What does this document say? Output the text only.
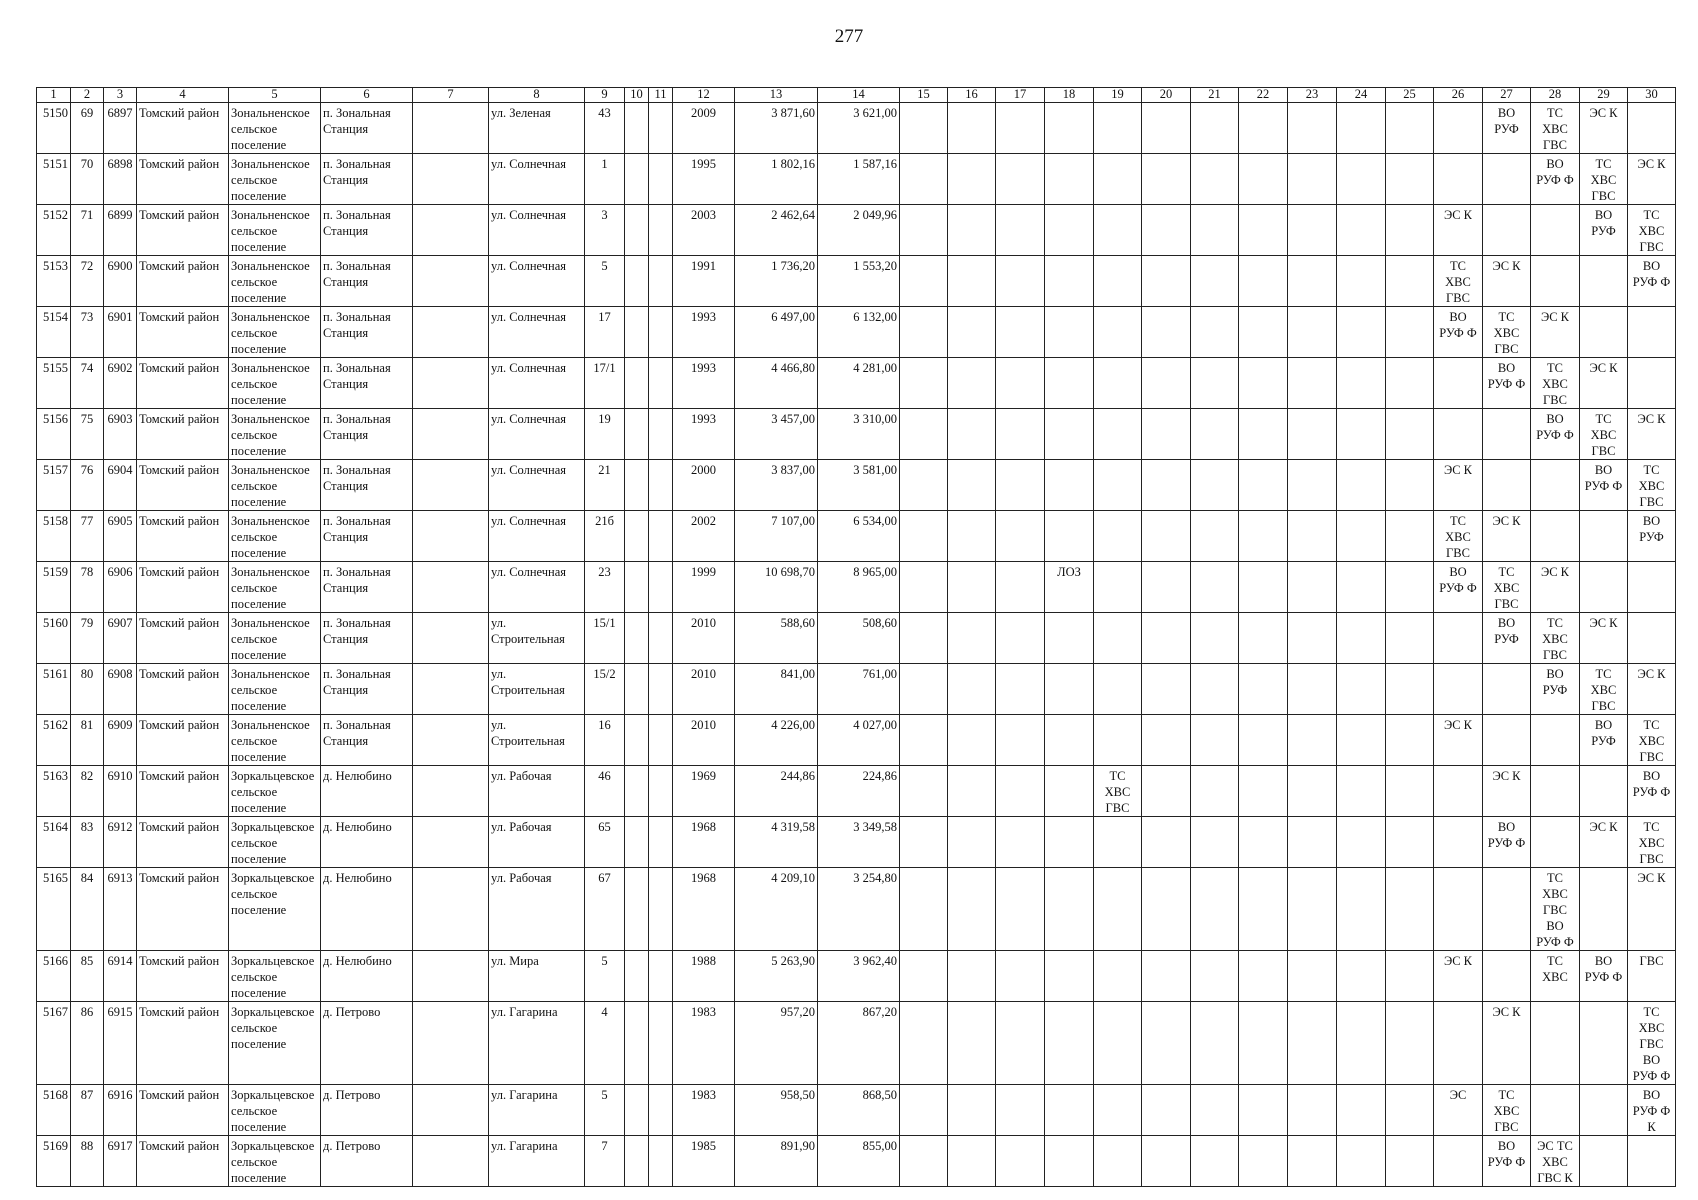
277
1	2	3	4	5	6	7	8	9	10	11	12	13	14	15	16	17	18	19	20	21	22	23	24	25	26	27	28	29	30
5150	69	6897	Томский район	Зональненское сельское поселение	п. Зональная Станция		ул. Зеленая	43			2009	3 871,60	3 621,00													ВО
РУФ	ТС
ХВС
ГВС	ЭС К	
5151	70	6898	Томский район	Зональненское сельское поселение	п. Зональная Станция		ул. Солнечная	1			1995	1 802,16	1 587,16														ВО
РУФ Ф	ТС
ХВС
ГВС	ЭС К
5152	71	6899	Томский район	Зональненское сельское поселение	п. Зональная Станция		ул. Солнечная	3			2003	2 462,64	2 049,96												ЭС К			ВО
РУФ	ТС
ХВС
ГВС
5153	72	6900	Томский район	Зональненское сельское поселение	п. Зональная Станция		ул. Солнечная	5			1991	1 736,20	1 553,20												ТС
ХВС
ГВС	ЭС К			ВО
РУФ Ф
5154	73	6901	Томский район	Зональненское сельское поселение	п. Зональная Станция		ул. Солнечная	17			1993	6 497,00	6 132,00												ВО
РУФ Ф	ТС
ХВС
ГВС	ЭС К		
5155	74	6902	Томский район	Зональненское сельское поселение	п. Зональная Станция		ул. Солнечная	17/1			1993	4 466,80	4 281,00													ВО
РУФ Ф	ТС
ХВС
ГВС	ЭС К	
5156	75	6903	Томский район	Зональненское сельское поселение	п. Зональная Станция		ул. Солнечная	19			1993	3 457,00	3 310,00														ВО
РУФ Ф	ТС
ХВС
ГВС	ЭС К
5157	76	6904	Томский район	Зональненское сельское поселение	п. Зональная Станция		ул. Солнечная	21			2000	3 837,00	3 581,00												ЭС К			ВО
РУФ Ф	ТС
ХВС
ГВС
5158	77	6905	Томский район	Зональненское сельское поселение	п. Зональная Станция		ул. Солнечная	21б			2002	7 107,00	6 534,00												ТС
ХВС
ГВС	ЭС К			ВО
РУФ
5159	78	6906	Томский район	Зональненское сельское поселение	п. Зональная Станция		ул. Солнечная	23			1999	10 698,70	8 965,00				ЛОЗ								ВО
РУФ Ф	ТС
ХВС
ГВС	ЭС К		
5160	79	6907	Томский район	Зональненское сельское поселение	п. Зональная Станция		ул. Строительная	15/1			2010	588,60	508,60													ВО
РУФ	ТС
ХВС
ГВС	ЭС К	
5161	80	6908	Томский район	Зональненское сельское поселение	п. Зональная Станция		ул. Строительная	15/2			2010	841,00	761,00														ВО
РУФ	ТС
ХВС
ГВС	ЭС К
5162	81	6909	Томский район	Зональненское сельское поселение	п. Зональная Станция		ул. Строительная	16			2010	4 226,00	4 027,00												ЭС К			ВО
РУФ	ТС
ХВС
ГВС
5163	82	6910	Томский район	Зоркальцевское сельское поселение	д. Нелюбино		ул. Рабочая	46			1969	244,86	224,86					ТС
ХВС
ГВС								ЭС К			ВО
РУФ Ф
5164	83	6912	Томский район	Зоркальцевское сельское поселение	д. Нелюбино		ул. Рабочая	65			1968	4 319,58	3 349,58													ВО
РУФ Ф		ЭС К	ТС
ХВС
ГВС
5165	84	6913	Томский район	Зоркальцевское сельское поселение	д. Нелюбино		ул. Рабочая	67			1968	4 209,10	3 254,80														ТС
ХВС
ГВС
ВО
РУФ Ф		ЭС К
5166	85	6914	Томский район	Зоркальцевское сельское поселение	д. Нелюбино		ул. Мира	5			1988	5 263,90	3 962,40												ЭС К		ТС
ХВС	ВО
РУФ Ф	ГВС
5167	86	6915	Томский район	Зоркальцевское сельское поселение	д. Петрово		ул. Гагарина	4			1983	957,20	867,20													ЭС К			ТС
ХВС
ГВС
ВО
РУФ Ф
5168	87	6916	Томский район	Зоркальцевское сельское поселение	д. Петрово		ул. Гагарина	5			1983	958,50	868,50												ЭС	ТС
ХВС
ГВС			ВО
РУФ Ф
К
5169	88	6917	Томский район	Зоркальцевское сельское поселение	д. Петрово		ул. Гагарина	7			1985	891,90	855,00													ВО
РУФ Ф	ЭС ТС
ХВС
ГВС К		
